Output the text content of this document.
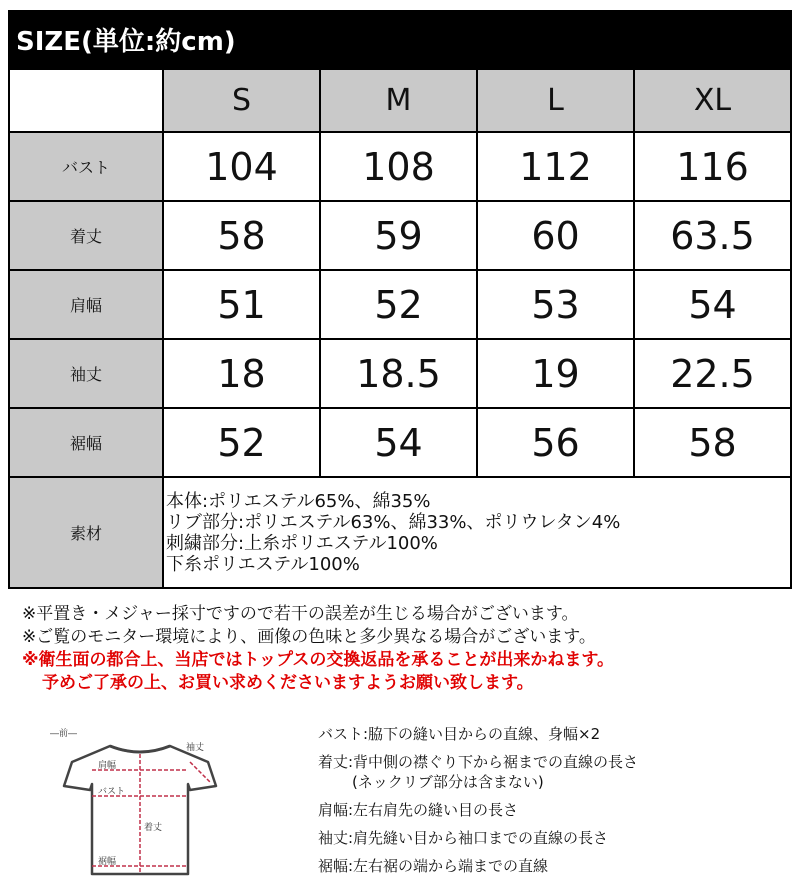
SIZE(単位:約cm)
	S	M	L	XL
バスト	104	108	112	116
着丈	58	59	60	63.5
肩幅	51	52	53	54
袖丈	18	18.5	19	22.5
裾幅	52	54	56	58
素材	本体:ポリエステル65%、綿35%
リブ部分:ポリエステル63%、綿33%、ポリウレタン4%
刺繍部分:上糸ポリエステル100%
下糸ポリエステル100%			
※平置き・メジャー採寸ですので若干の誤差が生じる場合がございます。
※ご覧のモニター環境により、画像の色味と多少異なる場合がございます。
※衛生面の都合上、当店ではトップスの交換返品を承ることが出来かねます。
予めご了承の上、お買い求めくださいますようお願い致します。
―前―
袖丈
肩幅
バスト
着丈
裾幅
バスト:脇下の縫い目からの直線、身幅×2
着丈:背中側の襟ぐり下から裾までの直線の長さ
(ネックリブ部分は含まない)
肩幅:左右肩先の縫い目の長さ
袖丈:肩先縫い目から袖口までの直線の長さ
裾幅:左右裾の端から端までの直線
